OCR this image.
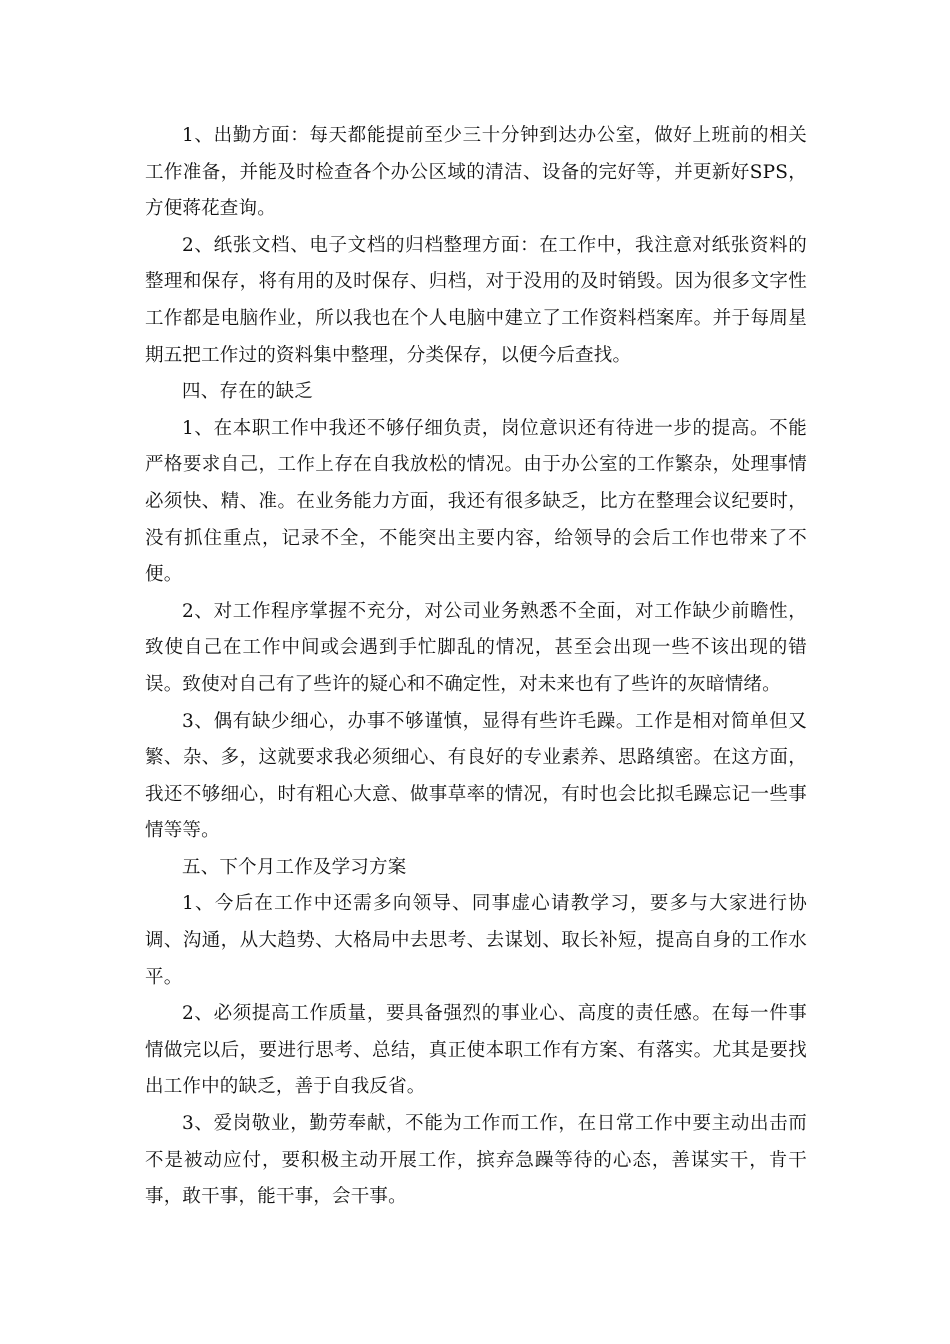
1、出勤方面：每天都能提前至少三十分钟到达办公室，做好上班前的相关工作准备，并能及时检查各个办公区域的清洁、设备的完好等，并更新好SPS，方便蒋花查询。

2、纸张文档、电子文档的归档整理方面：在工作中，我注意对纸张资料的整理和保存，将有用的及时保存、归档，对于没用的及时销毁。因为很多文字性工作都是电脑作业，所以我也在个人电脑中建立了工作资料档案库。并于每周星期五把工作过的资料集中整理，分类保存，以便今后查找。

四、存在的缺乏

1、在本职工作中我还不够仔细负责，岗位意识还有待进一步的提高。不能严格要求自己，工作上存在自我放松的情况。由于办公室的工作繁杂，处理事情必须快、精、准。在业务能力方面，我还有很多缺乏，比方在整理会议纪要时，没有抓住重点，记录不全，不能突出主要内容，给领导的会后工作也带来了不便。

2、对工作程序掌握不充分，对公司业务熟悉不全面，对工作缺少前瞻性，致使自己在工作中间或会遇到手忙脚乱的情况，甚至会出现一些不该出现的错误。致使对自己有了些许的疑心和不确定性，对未来也有了些许的灰暗情绪。

3、偶有缺少细心，办事不够谨慎，显得有些许毛躁。工作是相对简单但又繁、杂、多，这就要求我必须细心、有良好的专业素养、思路缜密。在这方面，我还不够细心，时有粗心大意、做事草率的情况，有时也会比拟毛躁忘记一些事情等等。

五、下个月工作及学习方案

1、今后在工作中还需多向领导、同事虚心请教学习，要多与大家进行协调、沟通，从大趋势、大格局中去思考、去谋划、取长补短，提高自身的工作水平。

2、必须提高工作质量，要具备强烈的事业心、高度的责任感。在每一件事情做完以后，要进行思考、总结，真正使本职工作有方案、有落实。尤其是要找出工作中的缺乏，善于自我反省。

3、爱岗敬业，勤劳奉献，不能为工作而工作，在日常工作中要主动出击而不是被动应付，要积极主动开展工作，摈弃急躁等待的心态，善谋实干，肯干事，敢干事，能干事，会干事。
